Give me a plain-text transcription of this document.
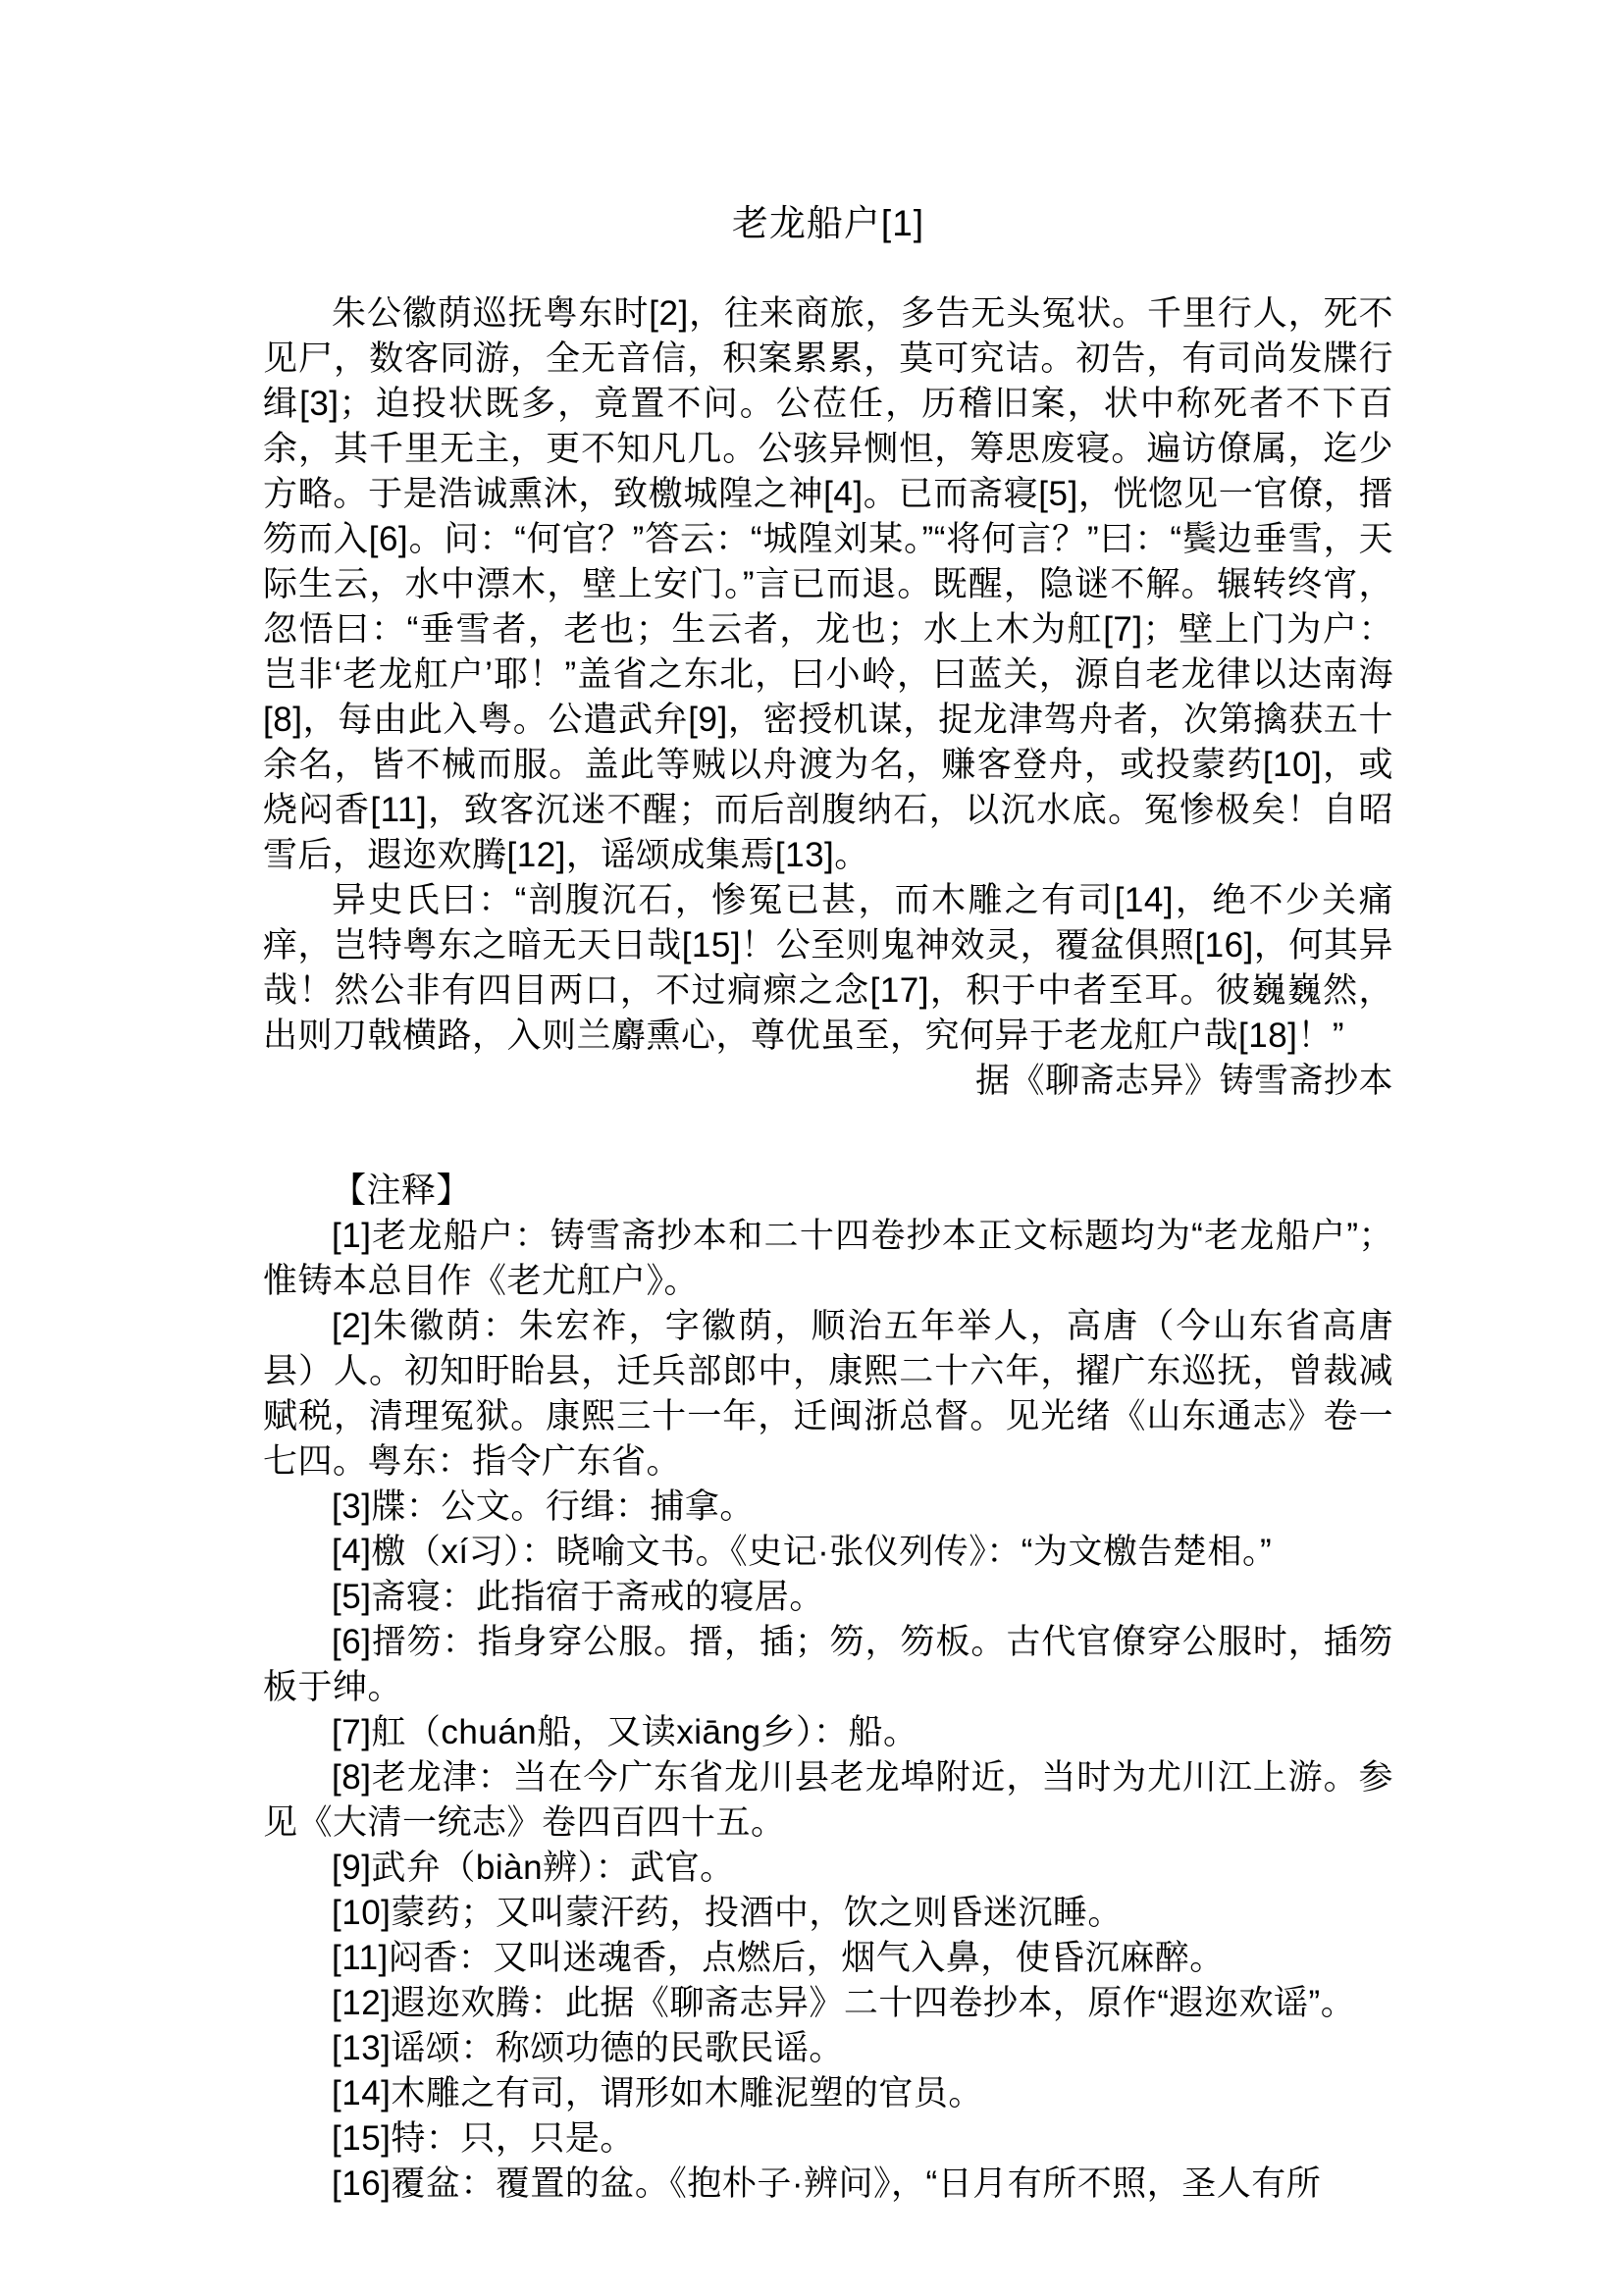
老龙船户[1]

朱公徽荫巡抚粤东时[2]，往来商旅，多告无头冤状。千里行人，死不见尸，数客同游，全无音信，积案累累，莫可究诘。初告，有司尚发牒行缉[3]；迫投状既多，竟置不问。公莅任，历稽旧案，状中称死者不下百余，其千里无主，更不知凡几。公骇异恻怛，筹思废寝。遍访僚属，迄少方略。于是浩诚熏沐，致檄城隍之神[4]。已而斋寝[5]，恍惚见一官僚，搢笏而入[6]。问：“何官？”答云：“城隍刘某。”“将何言？”曰：“鬓边垂雪，天际生云，水中漂木，壁上安门。”言已而退。既醒，隐谜不解。辗转终宵，忽悟曰：“垂雪者，老也；生云者，龙也；水上木为舡[7]；壁上门为户：岂非‘老龙舡户’耶！”盖省之东北，曰小岭，曰蓝关，源自老龙律以达南海[8]，每由此入粤。公遣武弁[9]，密授机谋，捉龙津驾舟者，次第擒获五十余名，皆不械而服。盖此等贼以舟渡为名，赚客登舟，或投蒙药[10]，或烧闷香[11]，致客沉迷不醒；而后剖腹纳石，以沉水底。冤惨极矣！自昭雪后，遐迩欢腾[12]，谣颂成集焉[13]。

异史氏曰：“剖腹沉石，惨冤已甚，而木雕之有司[14]，绝不少关痛痒，岂特粤东之暗无天日哉[15]！公至则鬼神效灵，覆盆俱照[16]，何其异哉！然公非有四目两口，不过痌瘝之念[17]，积于中者至耳。彼巍巍然，出则刀戟横路，入则兰麝熏心，尊优虽至，究何异于老龙舡户哉[18]！”

据《聊斋志异》铸雪斋抄本

【注释】

[1]老龙船户：铸雪斋抄本和二十四卷抄本正文标题均为“老龙船户”；惟铸本总目作《老尤舡户》。

[2]朱徽荫：朱宏祚，字徽荫，顺治五年举人，高唐（今山东省高唐县）人。初知盱眙县，迁兵部郎中，康熙二十六年，擢广东巡抚，曾裁减赋税，清理冤狱。康熙三十一年，迁闽浙总督。见光绪《山东通志》卷一七四。粤东：指令广东省。

[3]牒：公文。行缉：捕拿。

[4]檄（xí习）：晓喻文书。《史记·张仪列传》：“为文檄告楚相。”

[5]斋寝：此指宿于斋戒的寝居。

[6]搢笏：指身穿公服。搢，插；笏，笏板。古代官僚穿公服时，插笏板于绅。

[7]舡（chuán船，又读xiāng乡）：船。

[8]老龙津：当在今广东省龙川县老龙埠附近，当时为尤川江上游。参见《大清一统志》卷四百四十五。

[9]武弁（biàn辨）：武官。

[10]蒙药；又叫蒙汗药，投酒中，饮之则昏迷沉睡。

[11]闷香：又叫迷魂香，点燃后，烟气入鼻，使昏沉麻醉。

[12]遐迩欢腾：此据《聊斋志异》二十四卷抄本，原作“遐迩欢谣”。

[13]谣颂：称颂功德的民歌民谣。

[14]木雕之有司，谓形如木雕泥塑的官员。

[15]特：只，只是。

[16]覆盆：覆置的盆。《抱朴子·辨问》，“日月有所不照，圣人有所
